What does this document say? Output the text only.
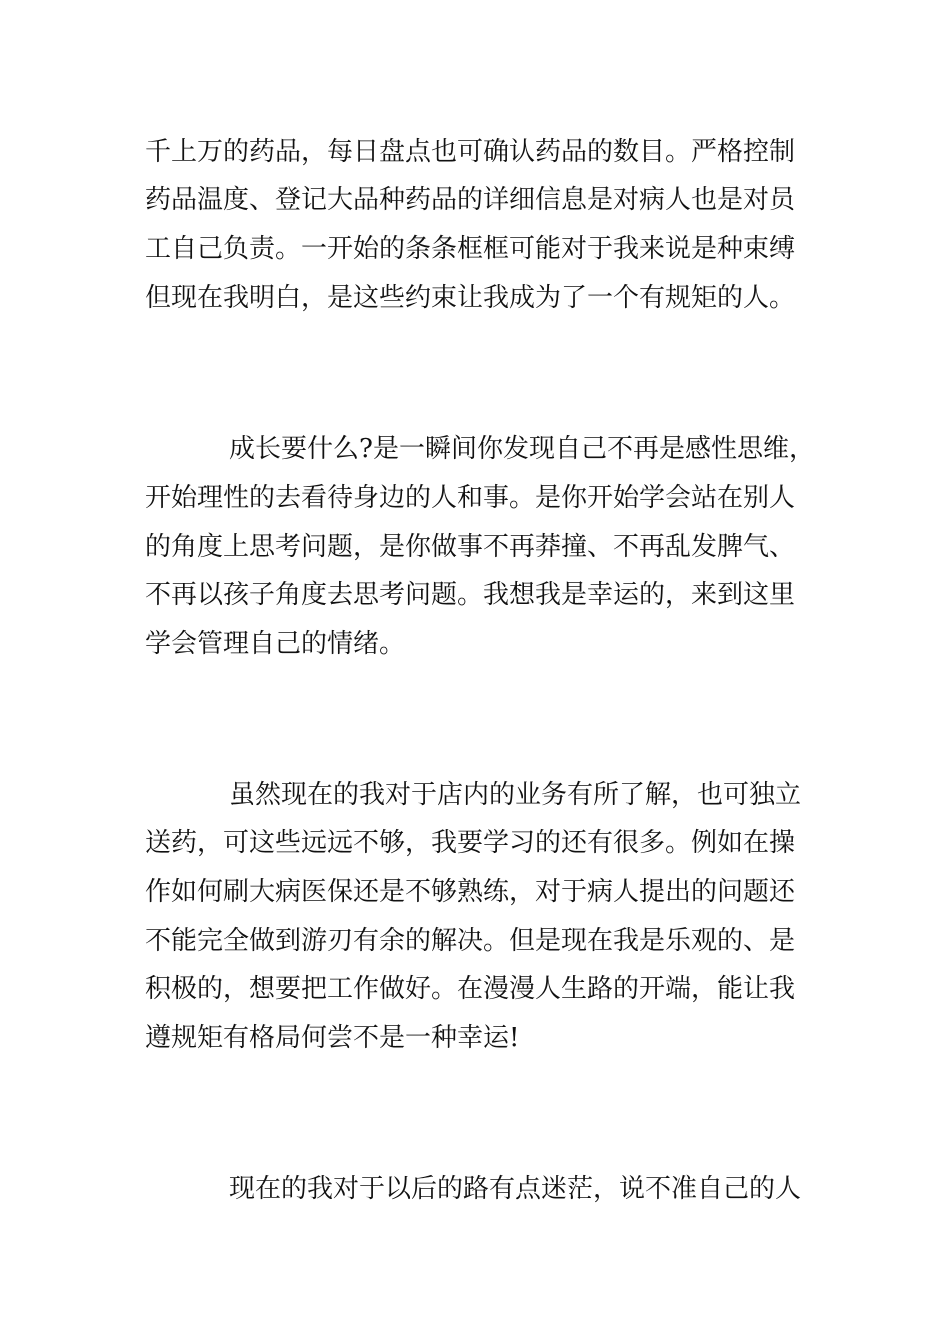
千上万的药品，每日盘点也可确认药品的数目。严格控制
药品温度、登记大品种药品的详细信息是对病人也是对员
工自己负责。一开始的条条框框可能对于我来说是种束缚
但现在我明白，是这些约束让我成为了一个有规矩的人。
成长要什么?是一瞬间你发现自己不再是感性思维，
开始理性的去看待身边的人和事。是你开始学会站在别人
的角度上思考问题，是你做事不再莽撞、不再乱发脾气、
不再以孩子角度去思考问题。我想我是幸运的，来到这里
学会管理自己的情绪。
虽然现在的我对于店内的业务有所了解，也可独立
送药，可这些远远不够，我要学习的还有很多。例如在操
作如何刷大病医保还是不够熟练，对于病人提出的问题还
不能完全做到游刃有余的解决。但是现在我是乐观的、是
积极的，想要把工作做好。在漫漫人生路的开端，能让我
遵规矩有格局何尝不是一种幸运!
现在的我对于以后的路有点迷茫，说不准自己的人
